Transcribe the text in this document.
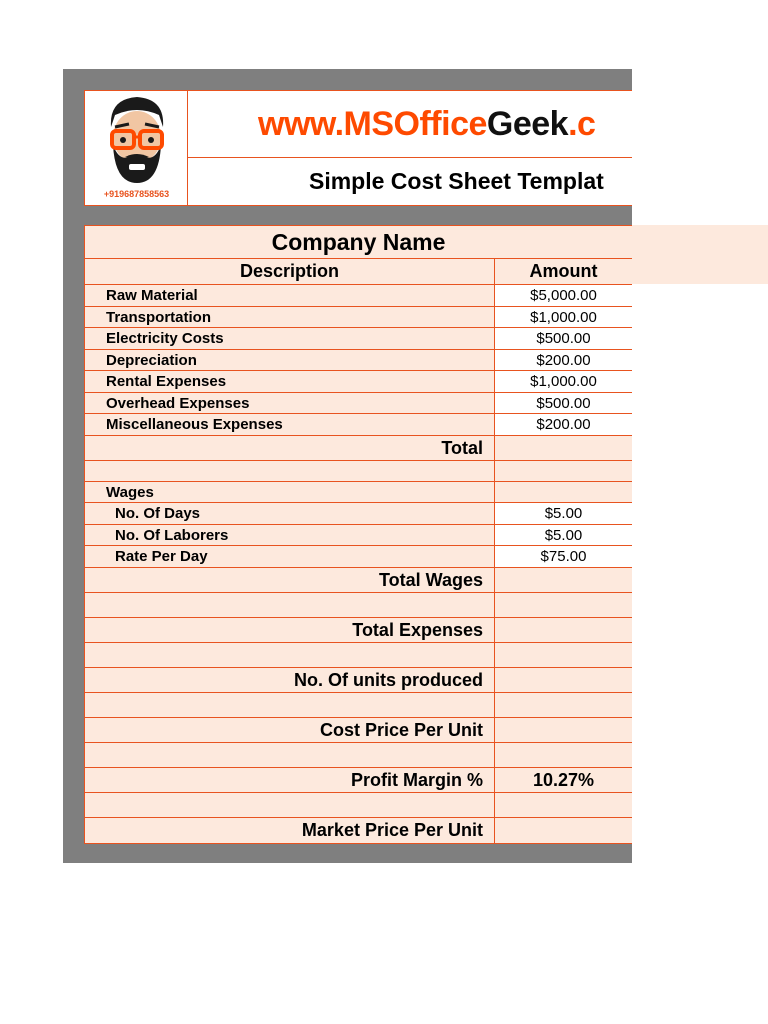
+919687858563
www.MSOfficeGeek.c
Simple Cost Sheet Templat
Company Name
Description	Amount
Raw Material	$5,000.00
Transportation	$1,000.00
Electricity Costs	$500.00
Depreciation	$200.00
Rental Expenses	$1,000.00
Overhead Expenses	$500.00
Miscellaneous Expenses	$200.00
Total
Wages
No. Of Days	$5.00
No. Of Laborers	$5.00
Rate Per Day	$75.00
Total Wages
Total Expenses
No. Of units produced
Cost Price Per Unit
Profit Margin %	10.27%
Market Price Per Unit
